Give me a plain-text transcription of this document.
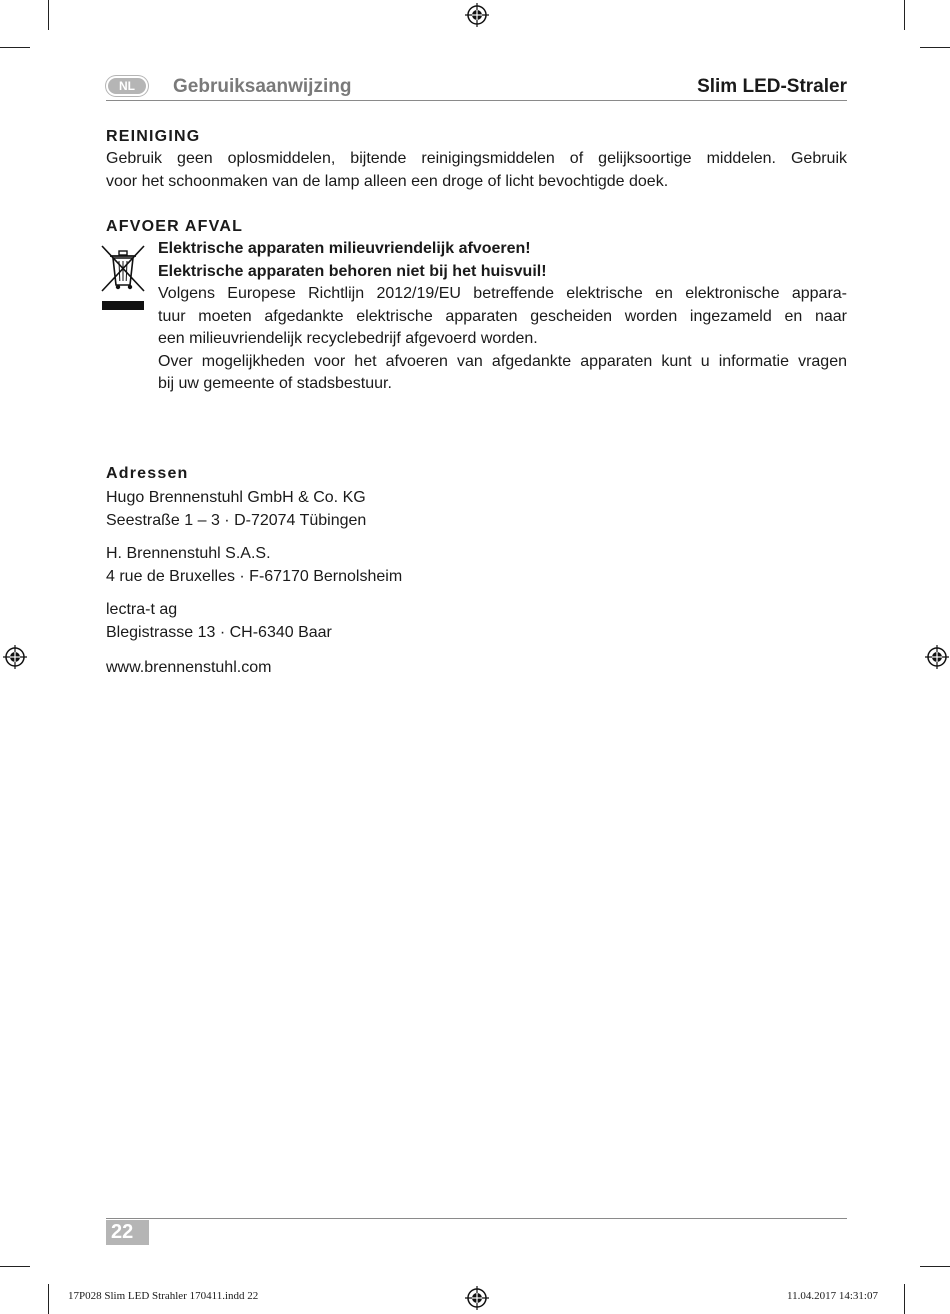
NL	Gebruiksaanwijzing	Slim LED-Straler
REINIGING
Gebruik geen oplosmiddelen, bijtende reinigingsmiddelen of gelijksoortige middelen. Gebruik
voor het schoonmaken van de lamp alleen een droge of licht bevochtigde doek.
AFVOER AFVAL
Elektrische apparaten milieuvriendelijk afvoeren!
Elektrische apparaten behoren niet bij het huisvuil!
Volgens Europese Richtlijn 2012/19/EU betreffende elektrische en elektronische appara-
tuur moeten afgedankte elektrische apparaten gescheiden worden ingezameld en naar
een milieuvriendelijk recyclebedrijf afgevoerd worden.
Over mogelijkheden voor het afvoeren van afgedankte apparaten kunt u informatie vragen
bij uw gemeente of stadsbestuur.
Adressen
Hugo Brennenstuhl GmbH & Co. KG
Seestraße 1 – 3 · D-72074 Tübingen
H. Brennenstuhl S.A.S.
4 rue de Bruxelles · F-67170 Bernolsheim
lectra-t ag
Blegistrasse 13 · CH-6340 Baar
www.brennenstuhl.com
22
17P028 Slim LED Strahler 170411.indd 22	11.04.2017 14:31:07
